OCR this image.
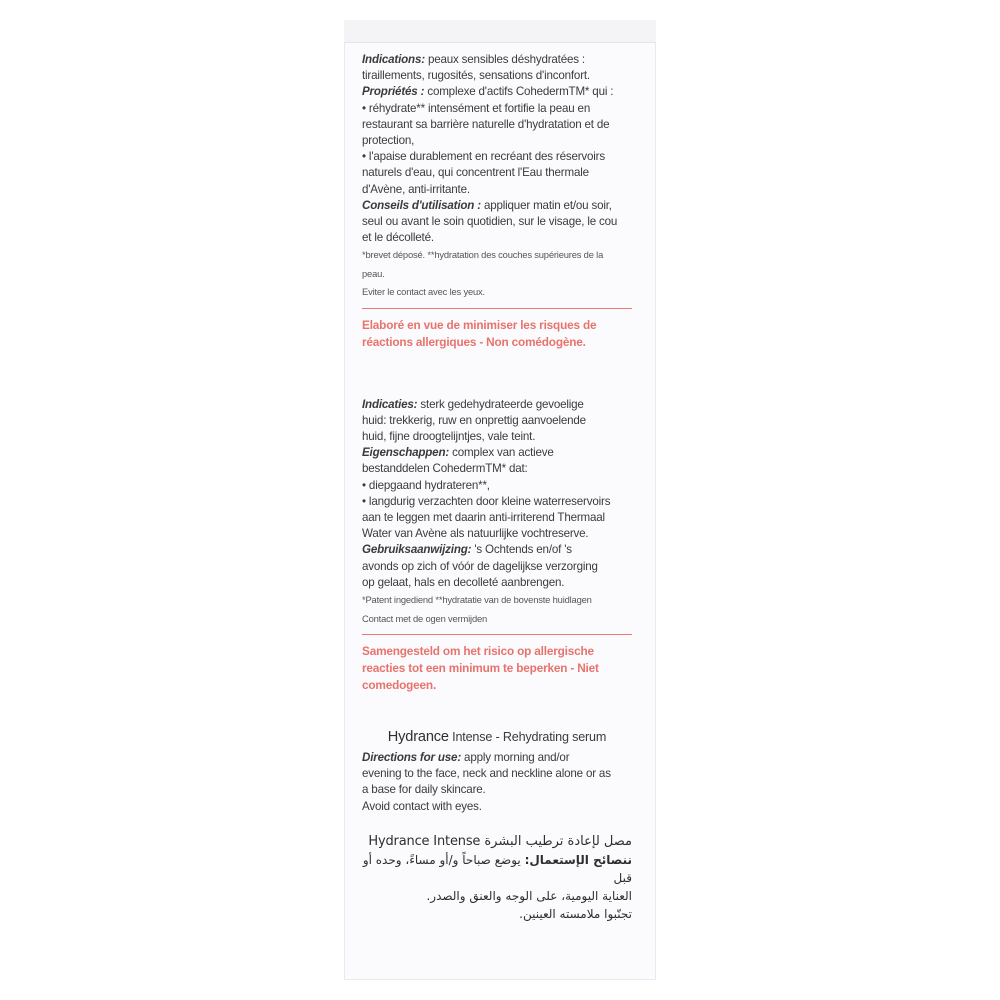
Indications: peaux sensibles déshydratées :
tiraillements, rugosités, sensations d'inconfort.
Propriétés : complexe d'actifs CohedermTM* qui :
• réhydrate** intensément et fortifie la peau en
restaurant sa barrière naturelle d'hydratation et de
protection,
• l'apaise durablement en recréant des réservoirs
naturels d'eau, qui concentrent l'Eau thermale
d'Avène, anti-irritante.
Conseils d'utilisation : appliquer matin et/ou soir,
seul ou avant le soin quotidien, sur le visage, le cou
et le décolleté.
*brevet déposé. **hydratation des couches supérieures de la
peau.
Eviter le contact avec les yeux.
Elaboré en vue de minimiser les risques de
réactions allergiques - Non comédogène.
Indicaties: sterk gedehydrateerde gevoelige
huid: trekkerig, ruw en onprettig aanvoelende
huid, fijne droogtelijntjes, vale teint.
Eigenschappen: complex van actieve
bestanddelen CohedermTM* dat:
• diepgaand hydrateren**,
• langdurig verzachten door kleine waterreservoirs
aan te leggen met daarin anti-irriterend Thermaal
Water van Avène als natuurlijke vochtreserve.
Gebruiksaanwijzing: 's Ochtends en/of 's
avonds op zich of vóór de dagelijkse verzorging
op gelaat, hals en decolleté aanbrengen.
*Patent ingediend **hydratatie van de bovenste huidlagen
Contact met de ogen vermijden
Samengesteld om het risico op allergische
reacties tot een minimum te beperken - Niet
comedogeen.
Hydrance Intense - Rehydrating serum
Directions for use: apply morning and/or
evening to the face, neck and neckline alone or as
a base for daily skincare.
Avoid contact with eyes.
مصل لإعادة ترطيب البشرة Hydrance Intense
ننصائح الإستعمال: يوضع صباحاً و/أو مساءً، وحده أو قبل
العناية اليومية، على الوجه والعنق والصدر.
تجنّبوا ملامسته العينين.
